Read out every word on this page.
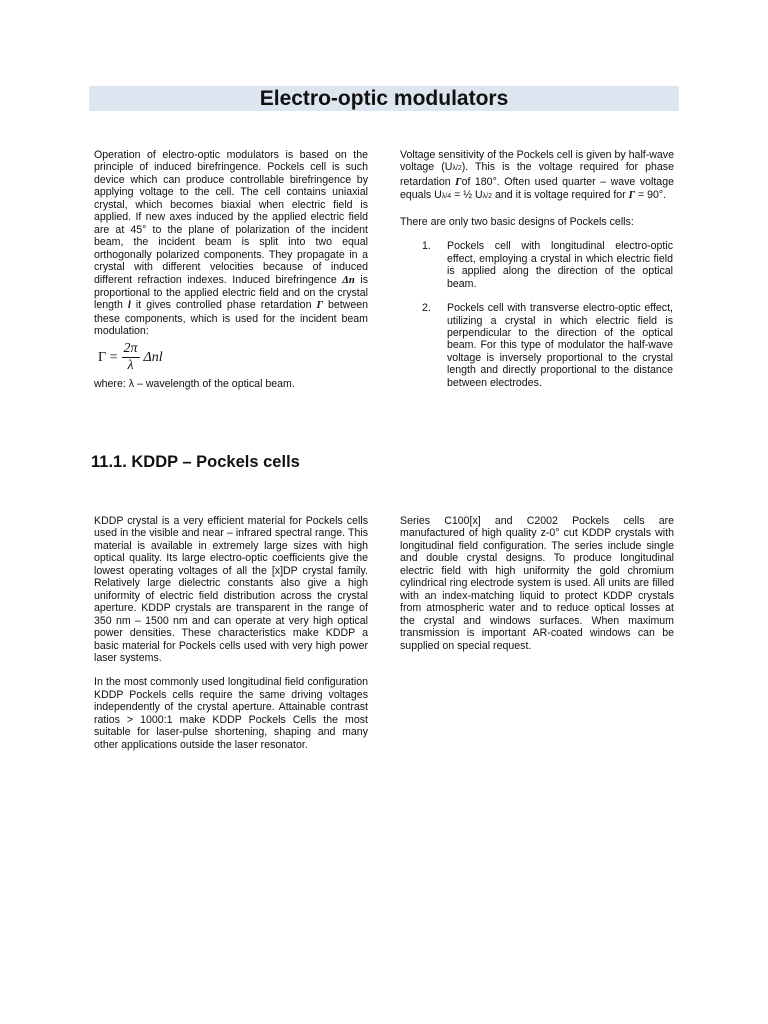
Electro-optic modulators

Operation of electro-optic modulators is based on the principle of induced birefringence. Pockels cell is such device which can produce controllable birefringence by applying voltage to the cell. The cell contains uniaxial crystal, which becomes biaxial when electric field is applied. If new axes induced by the applied electric field are at 45° to the plane of polarization of the incident beam, the incident beam is split into two equal orthogonally polarized components. They propagate in a crystal with different velocities because of induced different refraction indexes. Induced birefringence Δn is proportional to the applied electric field and on the crystal length l it gives controlled phase retardation Γ between these components, which is used for the incident beam modulation:

$\Gamma = \frac{2\pi}{\lambda}$ Δnl

where: λ – wavelength of the optical beam.

Voltage sensitivity of the Pockels cell is given by half-wave voltage (Uλ/2). This is the voltage required for phase retardation Γof 180°. Often used quarter – wave voltage equals Uλ/4 = ½ Uλ/2 and it is voltage required for Γ = 90°.

There are only two basic designs of Pockels cells:

1.	Pockels cell with longitudinal electro-optic effect, employing a crystal in which electric field is applied along the direction of the optical beam.
2.	Pockels cell with transverse electro-optic effect, utilizing a crystal in which electric field is perpendicular to the direction of the optical beam. For this type of modulator the half-wave voltage is inversely proportional to the crystal length and directly proportional to the distance between electrodes.
11.1. KDDP – Pockels cells

KDDP crystal is a very efficient material for Pockels cells used in the visible and near – infrared spectral range. This material is available in extremely large sizes with high optical quality. Its large electro-optic coefficients give the lowest operating voltages of all the [x]DP crystal family. Relatively large dielectric constants also give a high uniformity of electric field distribution across the crystal aperture. KDDP crystals are transparent in the range of 350 nm – 1500 nm and can operate at very high optical power densities. These characteristics make KDDP a basic material for Pockels cells used with very high power laser systems.

In the most commonly used longitudinal field configuration KDDP Pockels cells require the same driving voltages independently of the crystal aperture. Attainable contrast ratios > 1000:1 make KDDP Pockels Cells the most suitable for laser-pulse shortening, shaping and many other applications outside the laser resonator.

Series C100[x] and C2002 Pockels cells are manufactured of high quality z-0° cut KDDP crystals with longitudinal field configuration. The series include single and double crystal designs. To produce longitudinal electric field with high uniformity the gold chromium cylindrical ring electrode system is used. All units are filled with an index-matching liquid to protect KDDP crystals from atmospheric water and to reduce optical losses at the crystal and windows surfaces. When maximum transmission is important AR-coated windows can be supplied on special request.
